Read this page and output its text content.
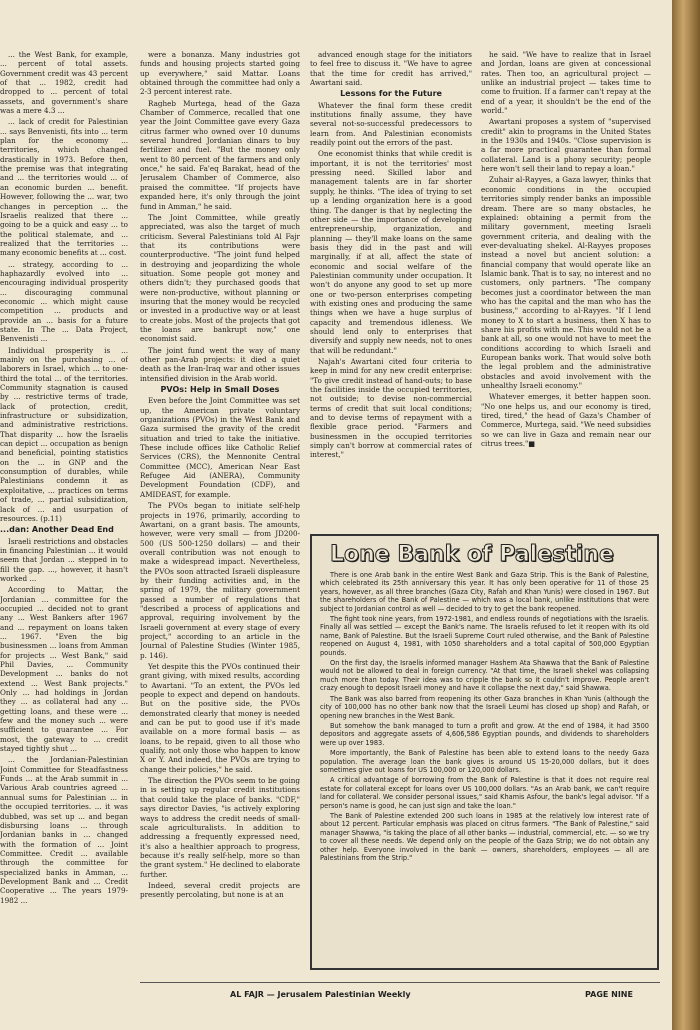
... the West Bank, for example, ... percent of total assets. Government credit was 43 percent of that ... 1982, credit had dropped to ... percent of total assets, and government's share was a mere 4.3 ...

... lack of credit for Palestinian ... says Benvenisti, fits into ... term plan for the economy ... territories, which changed drastically in 1973. Before then, the premise was that integrating and ... the territories would ... of an economic burden ... benefit. However, following the ... war, two changes in perception ... the Israelis realized that there ... going to be a quick and easy ... to the political stalemate, and ... realized that the territories ... many economic benefits at ... cost.

... strategy, according to ... haphazardly evolved into ... encouraging individual prosperity ... discouraging communal economic ... which might cause competition ... products and provide an ... basis for a future state. In The ... Data Project, Benvenisti ...

Individual prosperity is ... mainly on the purchasing ... of laborers in Israel, which ... to one-third the total ... of the territories. Community stagnation is caused by ... restrictive terms of trade, lack of protection, credit, infrastructure or subsidization, and administrative restrictions. That disparity ... how the Israelis can depict ... occupation as benign and beneficial, pointing statistics on the ... in GNP and the consumption of durables, while Palestinians condemn it as exploitative, ... practices on terms of trade, ... partial subsidization, lack of ... and usurpation of resources. (p.11)

...dan: Another Dead End

Israeli restrictions and obstacles in financing Palestinian ... it would seem that Jordan ... stepped in to fill the gap. ..., however, it hasn't worked ...

According to Mattar, the Jordanian ... committee for the occupied ... decided not to grant any ... West Bankers after 1967 and ... repayment on loans taken ... 1967. "Even the big businessmen ... loans from Amman for projects ... West Bank," said Phil Davies, ... Community Development ... banks do not extend ... West Bank projects." Only ... had holdings in Jordan they ... as collateral had any ... getting loans, and these were ... few and the money such ... were sufficient to guarantee ... For most, the gateway to ... credit stayed tightly shut ...

... the Jordanian-Palestinian Joint Committee for Steadfastness Funds ... at the Arab summit in ... Various Arab countries agreed ... annual sums for Palestinian ... in the occupied territories. ... it was dubbed, was set up ... and began disbursing loans ... through Jordanian banks in ... changed with the formation of ... Joint Committee. Credit ... available through the committee for specialized banks in Amman, ... Development Bank and ... Credit Cooperative ... The years 1979-1982 ...

were a bonanza. Many industries got funds and housing projects started going up everywhere," said Mattar. Loans obtained through the committee had only a 2-3 percent interest rate.

Ragheb Murtega, head of the Gaza Chamber of Commerce, recalled that one year the Joint Committee gave every Gaza citrus farmer who owned over 10 dunums several hundred Jordanian dinars to buy fertilizer and fuel. "But the money only went to 80 percent of the farmers and only once," he said. Fa'eq Barakat, head of the Jerusalem Chamber of Commerce, also praised the committee. "If projects have expanded here, it's only through the joint fund in Amman," he said.

The Joint Committee, while greatly appreciated, was also the target of much criticism. Several Palestinians told Al Fajr that its contributions were counterproductive. "The joint fund helped in destroying and jeopardizing the whole situation. Some people got money and others didn't; they purchased goods that were non-productive, without planning or insuring that the money would be recycled or invested in a productive way or at least to create jobs. Most of the projects that got the loans are bankrupt now," one economist said.

The joint fund went the way of many other pan-Arab projects: it died a quiet death as the Iran-Iraq war and other issues intensified division in the Arab world.

PVOs: Help in Small Doses

Even before the Joint Committee was set up, the American private voluntary organizations (PVOs) in the West Bank and Gaza surmised the gravity of the credit situation and tried to take the initiative. These include offices like Catholic Relief Services (CRS), the Mennonite Central Committee (MCC), American Near East Refugee Aid (ANERA), Community Development Foundation (CDF), and AMIDEAST, for example.

The PVOs began to initiate self-help projects in 1976, primarily, according to Awartani, on a grant basis. The amounts, however, were very small — from JD200-500 (US 500-1250 dollars) — and their overall contribution was not enough to make a widespread impact. Nevertheless, the PVOs soon attracted Israeli displeasure by their funding activities and, in the spring of 1979, the military government passed a number of regulations that "described a process of applications and approval, requiring involvement by the Israeli government at every stage of every project," according to an article in the Journal of Palestine Studies (Winter 1985, p. 146).

Yet despite this the PVOs continued their grant giving, with mixed results, according to Awartani. "To an extent, the PVOs led people to expect and depend on handouts. But on the positive side, the PVOs demonstrated clearly that money is needed and can be put to good use if it's made available on a more formal basis — as loans, to be repaid, given to all those who qualify, not only those who happen to know X or Y. And indeed, the PVOs are trying to change their policies," he said.

The direction the PVOs seem to be going in is setting up regular credit institutions that could take the place of banks. "CDF," says director Davies, "is actively exploring ways to address the credit needs of small-scale agriculturalists. In addition to addressing a frequently expressed need, it's also a healthier approach to progress, because it's really self-help, more so than the grant system." He declined to elaborate further.

Indeed, several credit projects are presently percolating, but none is at an

advanced enough stage for the initiators to feel free to discuss it. "We have to agree that the time for credit has arrived," Awartani said.

Lessons for the Future

Whatever the final form these credit institutions finally assume, they have several not-so-successful predecessors to learn from. And Palestinian economists readily point out the errors of the past.

One economist thinks that while credit is important, it is not the territories' most pressing need. Skilled labor and management talents are in far shorter supply, he thinks. "The idea of trying to set up a lending organization here is a good thing. The danger is that by neglecting the other side — the importance of developing entrepreneurship, organization, and planning — they'll make loans on the same basis they did in the past and will marginally, if at all, affect the state of economic and social welfare of the Palestinian community under occupation. It won't do anyone any good to set up more one or two-person enterprises competing with existing ones and producing the same things when we have a huge surplus of capacity and tremendous idleness. We should lend only to enterprises that diversify and supply new needs, not to ones that will be redundant."

Najah's Awartani cited four criteria to keep in mind for any new credit enterprise: "To give credit instead of hand-outs; to base the facilities inside the occupied territories, not outside; to devise non-commercial terms of credit that suit local conditions; and to devise terms of repayment with a flexible grace period. "Farmers and businessmen in the occupied territories simply can't borrow at commercial rates of interest,"

he said. "We have to realize that in Israel and Jordan, loans are given at concessional rates. Then too, an agricultural project — unlike an industrial project — takes time to come to fruition. If a farmer can't repay at the end of a year, it shouldn't be the end of the world."

Awartani proposes a system of "supervised credit" akin to programs in the United States in the 1930s and 1940s. "Close supervision is a far more practical guarantee than formal collateral. Land is a phony security; people here won't sell their land to repay a loan."

Zuhair al-Rayyes, a Gaza lawyer, thinks that economic conditions in the occupied territories simply render banks an impossible dream. There are so many obstacles, he explained: obtaining a permit from the military government, meeting Israeli government criteria, and dealing with the ever-devaluating shekel. Al-Rayyes proposes instead a novel but ancient solution: a financial company that would operate like an Islamic bank. That is to say, no interest and no customers, only partners. "The company becomes just a coordinator between the man who has the capital and the man who has the business," according to al-Rayyes. "If I lend money to X to start a business, then X has to share his profits with me. This would not be a bank at all, so one would not have to meet the conditions according to which Israeli and European banks work. That would solve both the legal problem and the administrative obstacles and avoid involvement with the unhealthy Israeli economy."

Whatever emerges, it better happen soon. "No one helps us, and our economy is tired, tired, tired," the head of Gaza's Chamber of Commerce, Murtega, said. "We need subsidies so we can live in Gaza and remain near our citrus trees."■

Lone Bank of Palestine

There is one Arab bank in the entire West Bank and Gaza Strip. This is the Bank of Palestine, which celebrated its 25th anniversary this year. It has only been operative for 11 of those 25 years, however, as all three branches (Gaza City, Rafah and Khan Yunis) were closed in 1967. But the shareholders of the Bank of Palestine — which was a local bank, unlike institutions that were subject to Jordanian control as well — decided to try to get the bank reopened.

The fight took nine years, from 1972-1981, and endless rounds of negotiations with the Israelis. Finally all was settled — except the Bank's name. The Israelis refused to let it reopen with its old name, Bank of Palestine. But the Israeli Supreme Court ruled otherwise, and the Bank of Palestine reopened on August 4, 1981, with 1050 shareholders and a total capital of 500,000 Egyptian pounds.

On the first day, the Israelis informed manager Hashem Ata Shawwa that the Bank of Palestine would not be allowed to deal in foreign currency. "At that time, the Israeli shekel was collapsing much more than today. Their idea was to cripple the bank so it couldn't improve. People aren't crazy enough to deposit Israeli money and have it collapse the next day," said Shawwa.

The Bank was also barred from reopening its other Gaza branches in Khan Yunis (although the city of 100,000 has no other bank now that the Israeli Leumi has closed up shop) and Rafah, or opening new branches in the West Bank.

But somehow the bank managed to turn a profit and grow. At the end of 1984, it had 3500 depositors and aggregate assets of 4,606,586 Egyptian pounds, and dividends to shareholders were up over 1983.

More importantly, the Bank of Palestine has been able to extend loans to the needy Gaza population. The average loan the bank gives is around US 15-20,000 dollars, but it does sometimes give out loans for US 100,000 or 120,000 dollars.

A critical advantage of borrowing from the Bank of Palestine is that it does not require real estate for collateral except for loans over US 100,000 dollars. "As an Arab bank, we can't require land for collateral. We consider personal issues," said Khamis Asfour, the bank's legal advisor. "If a person's name is good, he can just sign and take the loan."

The Bank of Palestine extended 200 such loans in 1985 at the relatively low interest rate of about 12 percent. Particular emphasis was placed on citrus farmers. "The Bank of Palestine," said manager Shawwa, "is taking the place of all other banks — industrial, commercial, etc. — so we try to cover all these needs. We depend only on the people of the Gaza Strip; we do not obtain any other help. Everyone involved in the bank — owners, shareholders, employees — all are Palestinians from the Strip."

AL FAJR — Jerusalem Palestinian Weekly	PAGE NINE
